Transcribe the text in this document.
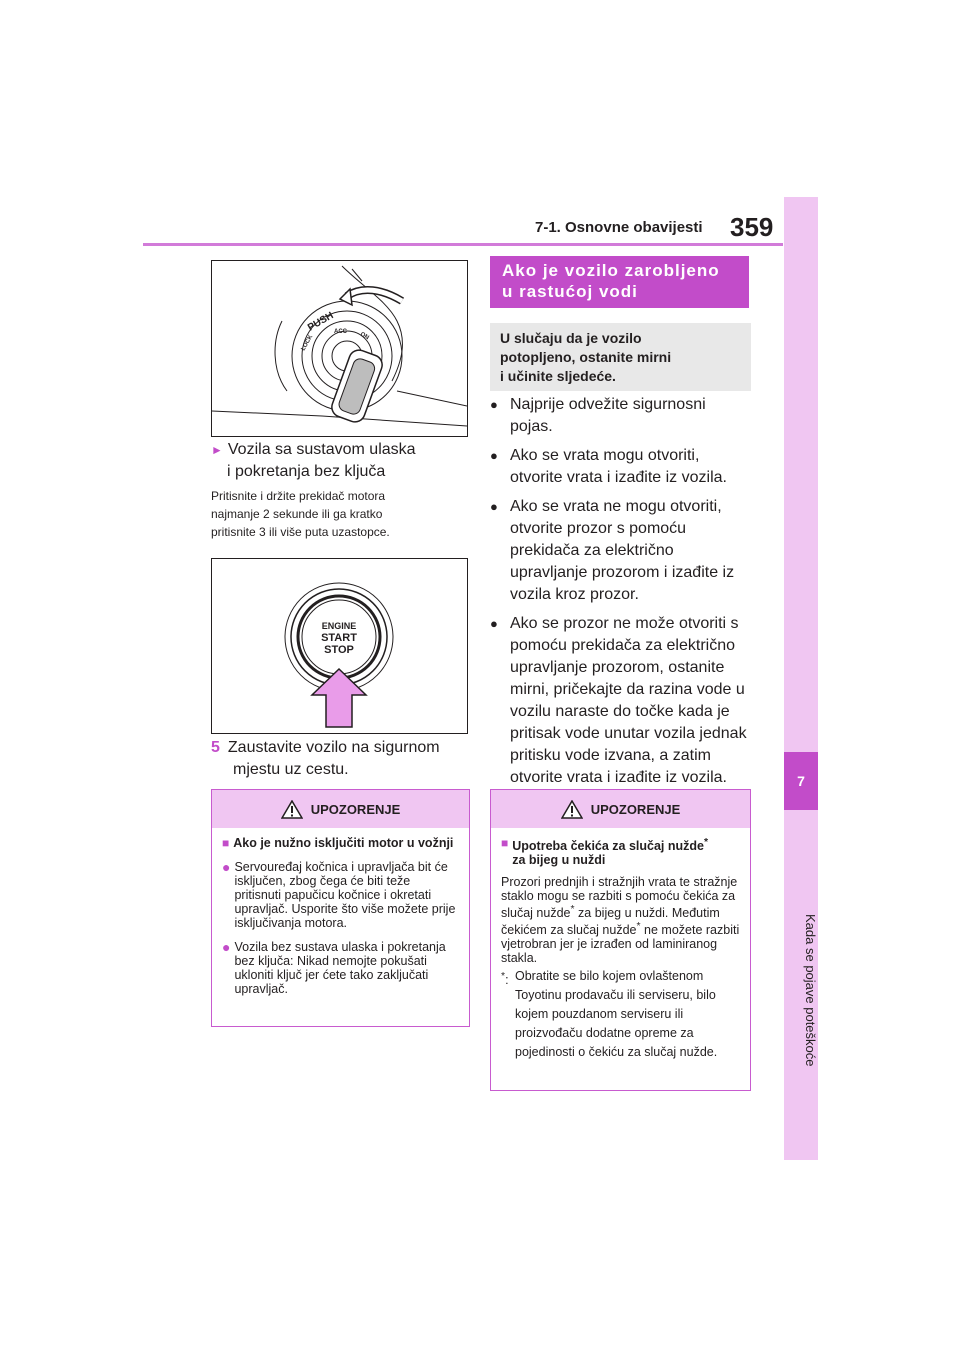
7-1. Osnovne obavijesti 359
7
Kada se pojave poteškoće
PUSH
LOCK
ACC ON
► Vozila sa sustavom ulaska
i pokretanja bez ključa
Pritisnite i držite prekidač motora
najmanje 2 sekunde ili ga kratko
pritisnite 3 ili više puta uzastopce.
ENGINE
START
STOP
5 Zaustavite vozilo na sigurnom
mjestu uz cestu.
UPOZORENJE
■ Ako je nužno isključiti motor u vožnji
● Servouređaj kočnica i upravljača bit će isključen, zbog čega će biti teže pritisnuti papučicu kočnice i okretati upravljač. Usporite što više možete prije isključivanja motora.
● Vozila bez sustava ulaska i pokretanja bez ključa: Nikad nemojte pokušati ukloniti ključ jer ćete tako zaključati upravljač.
Ako je vozilo zarobljeno
u rastućoj vodi
U slučaju da je vozilo
potopljeno, ostanite mirni
i učinite sljedeće.
● Najprije odvežite sigurnosni pojas.
● Ako se vrata mogu otvoriti, otvorite vrata i izađite iz vozila.
● Ako se vrata ne mogu otvoriti, otvorite prozor s pomoću prekidača za električno upravljanje prozorom i izađite iz vozila kroz prozor.
● Ako se prozor ne može otvoriti s pomoću prekidača za električno upravljanje prozorom, ostanite mirni, pričekajte da razina vode u vozilu naraste do točke kada je pritisak vode unutar vozila jednak pritisku vode izvana, a zatim otvorite vrata i izađite iz vozila.
UPOZORENJE
■ Upotreba čekića za slučaj nužde*
za bijeg u nuždi
Prozori prednjih i stražnjih vrata te stražnje staklo mogu se razbiti s pomoću čekića za slučaj nužde* za bijeg u nuždi. Međutim čekićem za slučaj nužde* ne možete razbiti vjetrobran jer je izrađen od laminiranog stakla.
*: Obratite se bilo kojem ovlaštenom Toyotinu prodavaču ili serviseru, bilo kojem pouzdanom serviseru ili proizvođaču dodatne opreme za pojedinosti o čekiću za slučaj nužde.
